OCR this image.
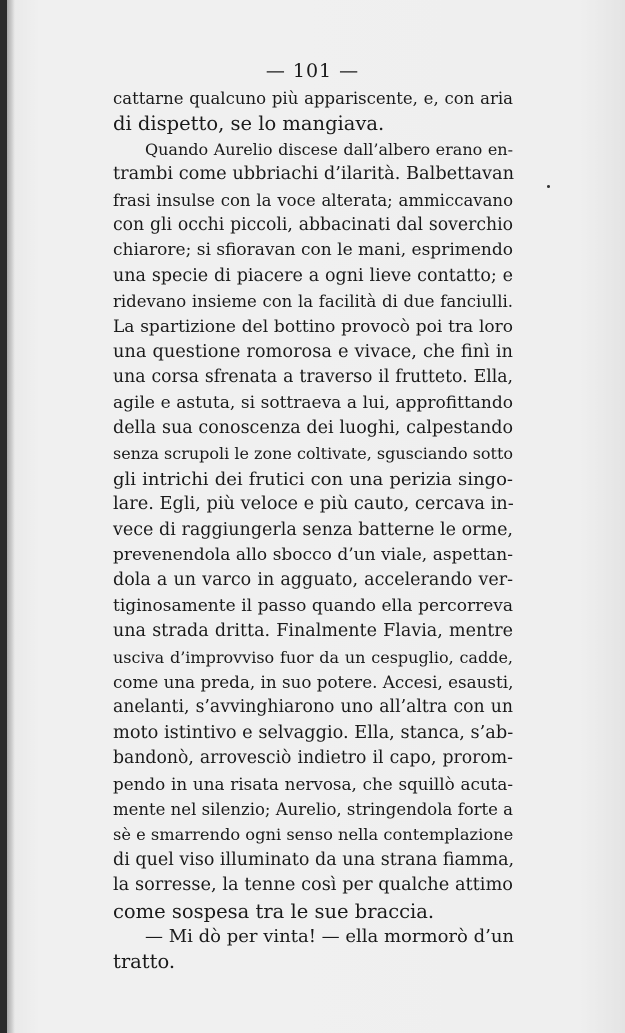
— 101 —
cattarne qualcuno più appariscente, e, con aria
di dispetto, se lo mangiava.
Quando Aurelio discese dall’albero erano en-
trambi come ubbriachi d’ilarità. Balbettavan
frasi insulse con la voce alterata; ammiccavano
con gli occhi piccoli, abbacinati dal soverchio
chiarore; si sfioravan con le mani, esprimendo
una specie di piacere a ogni lieve contatto; e
ridevano insieme con la facilità di due fanciulli.
La spartizione del bottino provocò poi tra loro
una questione romorosa e vivace, che finì in
una corsa sfrenata a traverso il frutteto. Ella,
agile e astuta, si sottraeva a lui, approfittando
della sua conoscenza dei luoghi, calpestando
senza scrupoli le zone coltivate, sgusciando sotto
gli intrichi dei frutici con una perizia singo-
lare. Egli, più veloce e più cauto, cercava in-
vece di raggiungerla senza batterne le orme,
prevenendola allo sbocco d’un viale, aspettan-
dola a un varco in agguato, accelerando ver-
tiginosamente il passo quando ella percorreva
una strada dritta. Finalmente Flavia, mentre
usciva d’improvviso fuor da un cespuglio, cadde,
come una preda, in suo potere. Accesi, esausti,
anelanti, s’avvinghiarono uno all’altra con un
moto istintivo e selvaggio. Ella, stanca, s’ab-
bandonò, arrovesciò indietro il capo, prorom-
pendo in una risata nervosa, che squillò acuta-
mente nel silenzio; Aurelio, stringendola forte a
sè e smarrendo ogni senso nella contemplazione
di quel viso illuminato da una strana fiamma,
la sorresse, la tenne così per qualche attimo
come sospesa tra le sue braccia.
— Mi dò per vinta! — ella mormorò d’un
tratto.
